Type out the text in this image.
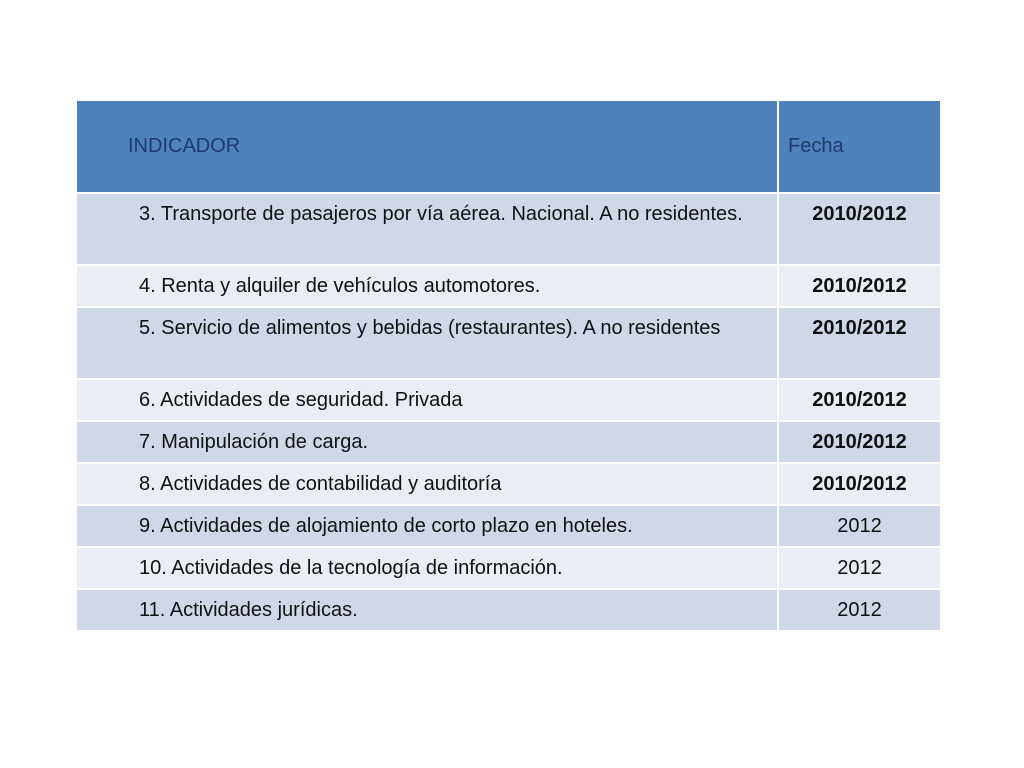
INDICADOR	Fecha
3. Transporte de pasajeros por vía aérea. Nacional. A no residentes.	2010/2012
4. Renta y alquiler de vehículos automotores.	2010/2012
5. Servicio de alimentos y bebidas (restaurantes). A no residentes	2010/2012
6. Actividades de seguridad. Privada	2010/2012
7. Manipulación de carga.	2010/2012
8. Actividades de contabilidad y auditoría	2010/2012
9. Actividades de alojamiento de corto plazo en hoteles.	2012
10. Actividades de la tecnología de información.	2012
11. Actividades jurídicas.	2012
